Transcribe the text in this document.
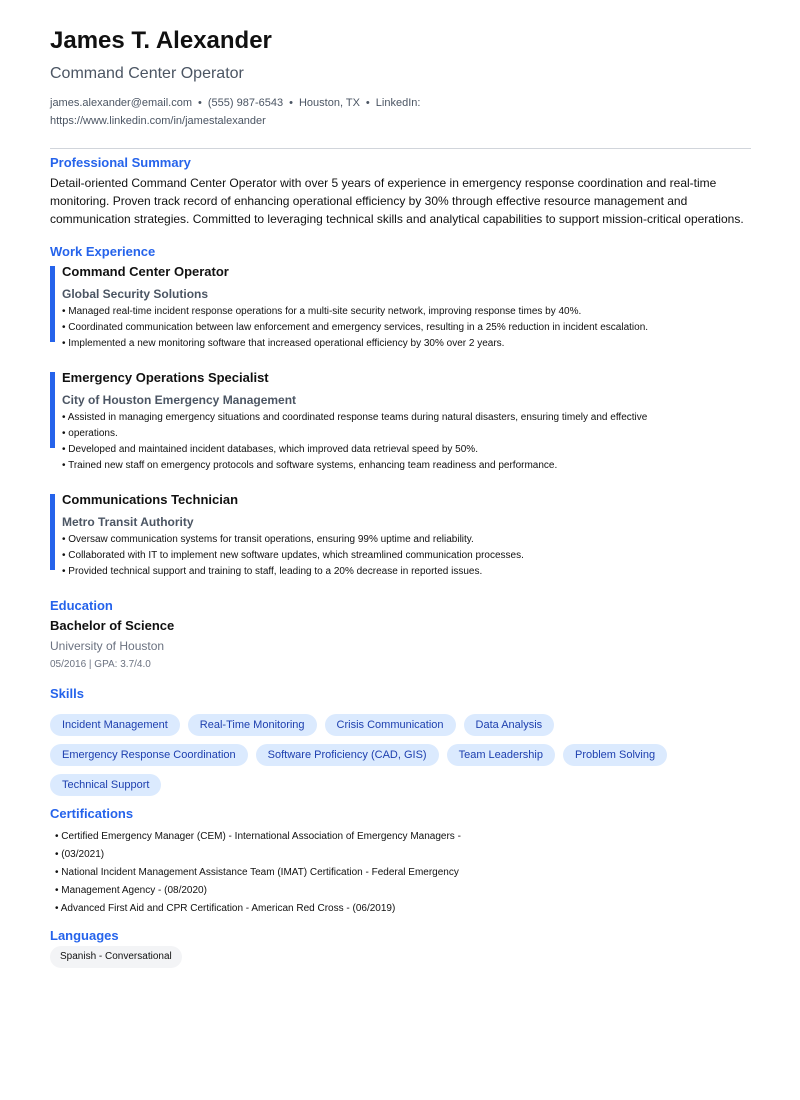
James T. Alexander
Command Center Operator
james.alexander@email.com • (555) 987-6543 • Houston, TX • LinkedIn: https://www.linkedin.com/in/jamestalexander
Professional Summary
Detail-oriented Command Center Operator with over 5 years of experience in emergency response coordination and real-time monitoring. Proven track record of enhancing operational efficiency by 30% through effective resource management and communication strategies. Committed to leveraging technical skills and analytical capabilities to support mission-critical operations.
Work Experience
Command Center Operator
Global Security Solutions
• Managed real-time incident response operations for a multi-site security network, improving response times by 40%.
• Coordinated communication between law enforcement and emergency services, resulting in a 25% reduction in incident escalation.
• Implemented a new monitoring software that increased operational efficiency by 30% over 2 years.
Emergency Operations Specialist
City of Houston Emergency Management
• Assisted in managing emergency situations and coordinated response teams during natural disasters, ensuring timely and effective
• operations.
• Developed and maintained incident databases, which improved data retrieval speed by 50%.
• Trained new staff on emergency protocols and software systems, enhancing team readiness and performance.
Communications Technician
Metro Transit Authority
• Oversaw communication systems for transit operations, ensuring 99% uptime and reliability.
• Collaborated with IT to implement new software updates, which streamlined communication processes.
• Provided technical support and training to staff, leading to a 20% decrease in reported issues.
Education
Bachelor of Science
University of Houston
05/2016 | GPA: 3.7/4.0
Skills
Incident Management	Real-Time Monitoring	Crisis Communication	Data Analysis
Emergency Response Coordination	Software Proficiency (CAD, GIS)	Team Leadership	Problem Solving
Technical Support
Certifications
• Certified Emergency Manager (CEM) - International Association of Emergency Managers -
• (03/2021)
• National Incident Management Assistance Team (IMAT) Certification - Federal Emergency
• Management Agency - (08/2020)
• Advanced First Aid and CPR Certification - American Red Cross - (06/2019)
Languages
Spanish - Conversational
